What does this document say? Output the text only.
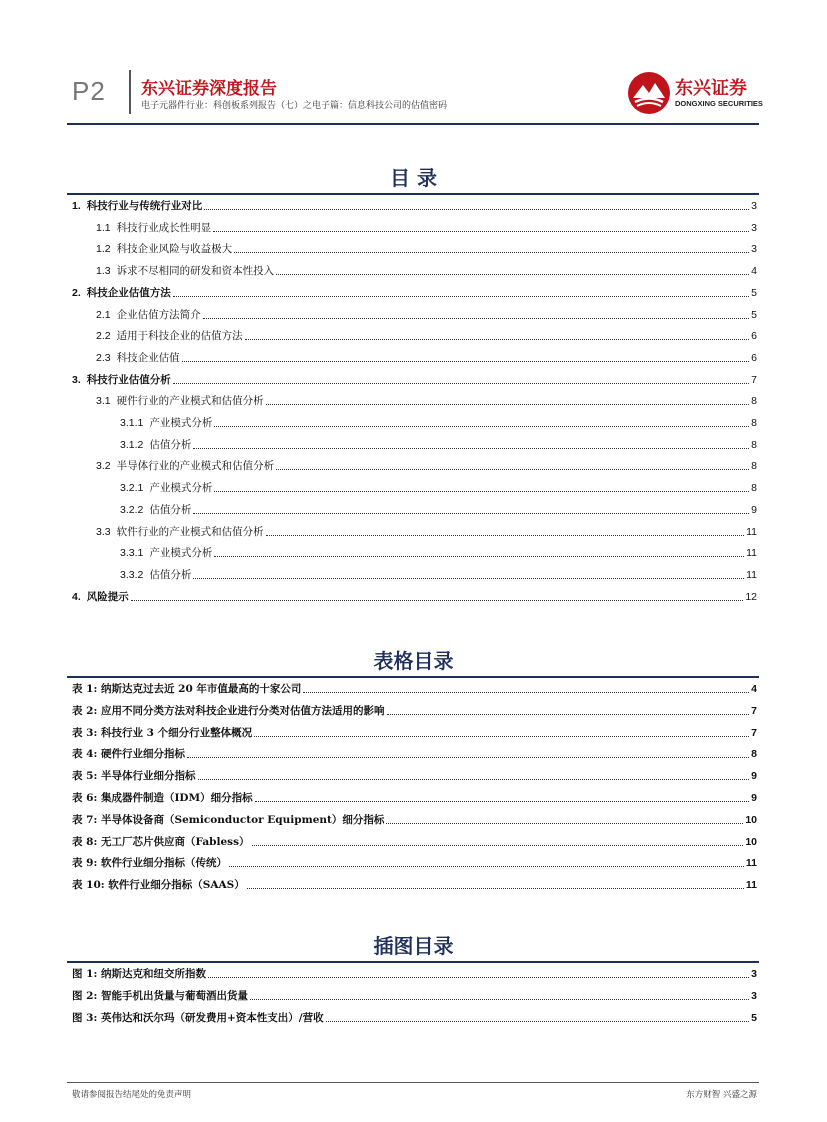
P2 东兴证券深度报告
电子元器件行业：科创板系列报告（七）之电子篇：信息科技公司的估值密码
东兴证券
DONGXING SECURITIES
目 录
1. 科技行业与传统行业对比	3
1.1 科技行业成长性明显	3
1.2 科技企业风险与收益极大	3
1.3 诉求不尽相同的研发和资本性投入	4
2. 科技企业估值方法	5
2.1 企业估值方法简介	5
2.2 适用于科技企业的估值方法	6
2.3 科技企业估值	6
3. 科技行业估值分析	7
3.1 硬件行业的产业模式和估值分析	8
3.1.1 产业模式分析	8
3.1.2 估值分析	8
3.2 半导体行业的产业模式和估值分析	8
3.2.1 产业模式分析	8
3.2.2 估值分析	9
3.3 软件行业的产业模式和估值分析	11
3.3.1 产业模式分析	11
3.3.2 估值分析	11
4. 风险提示	12
表格目录
表 1: 纳斯达克过去近 20 年市值最高的十家公司	4
表 2: 应用不同分类方法对科技企业进行分类对估值方法适用的影响	7
表 3: 科技行业 3 个细分行业整体概况	7
表 4: 硬件行业细分指标	8
表 5: 半导体行业细分指标	9
表 6: 集成器件制造（IDM）细分指标	9
表 7: 半导体设备商（Semiconductor Equipment）细分指标	10
表 8: 无工厂芯片供应商（Fabless）	10
表 9: 软件行业细分指标（传统）	11
表 10: 软件行业细分指标（SAAS）	11
插图目录
图 1: 纳斯达克和纽交所指数	3
图 2: 智能手机出货量与葡萄酒出货量	3
图 3: 英伟达和沃尔玛（研发费用+资本性支出）/营收	5
敬请参阅报告结尾处的免责声明	东方财智 兴盛之源
